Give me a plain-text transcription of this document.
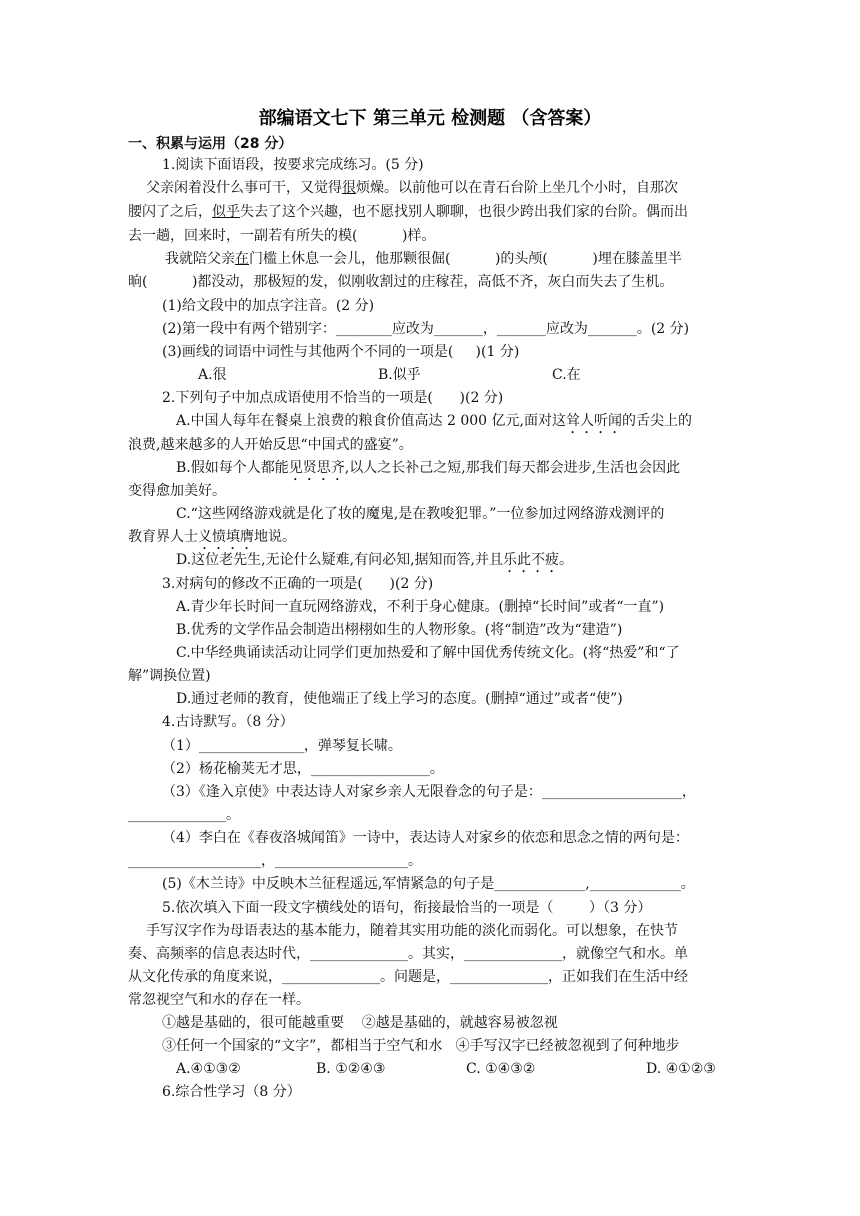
部编语文七下 第三单元 检测题 （含答案）
一、积累与运用（28 分）
1.阅读下面语段，按要求完成练习。(5 分)
父亲闲着没什么事可干，又觉得很烦燥。以前他可以在青石台阶上坐几个小时，自那次
腰闪了之后，似乎失去了这个兴趣，也不愿找别人聊聊，也很少跨出我们家的台阶。偶而出
去一趟，回来时，一副若有所失的模(          )样。
我就陪父亲在门槛上休息一会儿，他那颗很倔(          )的头颅(          )埋在膝盖里半
晌(          )都没动，那极短的发，似刚收割过的庄稼茬，高低不齐，灰白而失去了生机。
(1)给文段中的加点字注音。(2 分)
(2)第一段中有两个错别字：________应改为_______，_______应改为_______。(2 分)
(3)画线的词语中词性与其他两个不同的一项是(     )(1 分)
A.很	B.似乎	C.在
2.下列句子中加点成语使用不恰当的一项是(      )(2 分)
A.中国人每年在餐桌上浪费的粮食价值高达 2 000 亿元,面对这耸人听闻的舌尖上的
浪费,越来越多的人开始反思“中国式的盛宴”。
B.假如每个人都能见贤思齐,以人之长补己之短,那我们每天都会进步,生活也会因此
变得愈加美好。
C.“这些网络游戏就是化了妆的魔鬼,是在教唆犯罪。”一位参加过网络游戏测评的
教育界人士义愤填膺地说。
D.这位老先生,无论什么疑难,有问必知,据知而答,并且乐此不疲。
3.对病句的修改不正确的一项是(      )(2 分)
A.青少年长时间一直玩网络游戏，不利于身心健康。(删掉“长时间”或者“一直”)
B.优秀的文学作品会制造出栩栩如生的人物形象。(将“制造”改为“建造”)
C.中华经典诵读活动让同学们更加热爱和了解中国优秀传统文化。(将“热爱”和“了
解”调换位置)
D.通过老师的教育，使他端正了线上学习的态度。(删掉“通过”或者“使”)
4.古诗默写。（8 分）
（1）_______________，弹琴复长啸。
（2）杨花榆荚无才思，_________________。
（3）《逢入京使》中表达诗人对家乡亲人无限眷念的句子是：____________________，
______________。
（4）李白在《春夜洛城闻笛》一诗中，表达诗人对家乡的依恋和思念之情的两句是：
___________________，___________________。
(5)《木兰诗》中反映木兰征程遥远,军情紧急的句子是_____________,_____________。
5.依次填入下面一段文字横线处的语句，衔接最恰当的一项是（        ）（3 分）
手写汉字作为母语表达的基本能力，随着其实用功能的淡化而弱化。可以想象，在快节
奏、高频率的信息表达时代，______________。其实，______________，就像空气和水。单
从文化传承的角度来说，______________。问题是，______________，正如我们在生活中经
常忽视空气和水的存在一样。
①越是基础的，很可能越重要    ②越是基础的，就越容易被忽视
③任何一个国家的“文字”，都相当于空气和水   ④手写汉字已经被忽视到了何种地步
A.④①③②	B. ①②④③	C. ①④③②	D. ④①②③
6.综合性学习（8 分）
